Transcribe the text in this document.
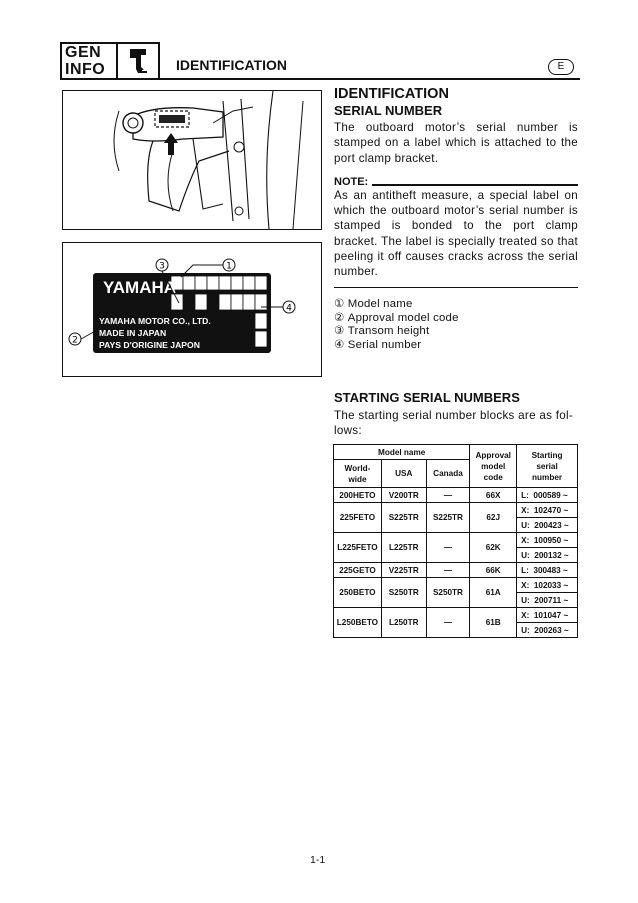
GEN
INFO	IDENTIFICATION	E
YAMAHA
YAMAHA MOTOR CO., LTD.
MADE IN JAPAN
PAYS D'ORIGINE JAPON
3	1
4
2
IDENTIFICATION
SERIAL NUMBER
The outboard motor’s serial number is stamped on a label which is attached to the port clamp bracket.
NOTE:
As an antitheft measure, a special label on which the outboard motor’s serial number is stamped is bonded to the port clamp bracket. The label is specially treated so that peeling it off causes cracks across the serial number.
① Model name
② Approval model code
③ Transom height
④ Serial number
STARTING SERIAL NUMBERS
The starting serial number blocks are as fol-
lows:
Model name			Approval
model
code	Starting
serial
number
World-
wide	USA	Canada		
200HETO	V200TR	—	66X	L:  000589 ~
225FETO	S225TR	S225TR	62J	X:  102470 ~
				U:  200423 ~
L225FETO	L225TR	—	62K	X:  100950 ~
				U:  200132 ~
225GETO	V225TR	—	66K	L:  300483 ~
250BETO	S250TR	S250TR	61A	X:  102033 ~
				U:  200711 ~
L250BETO	L250TR	—	61B	X:  101047 ~
				U:  200263 ~
1-1
